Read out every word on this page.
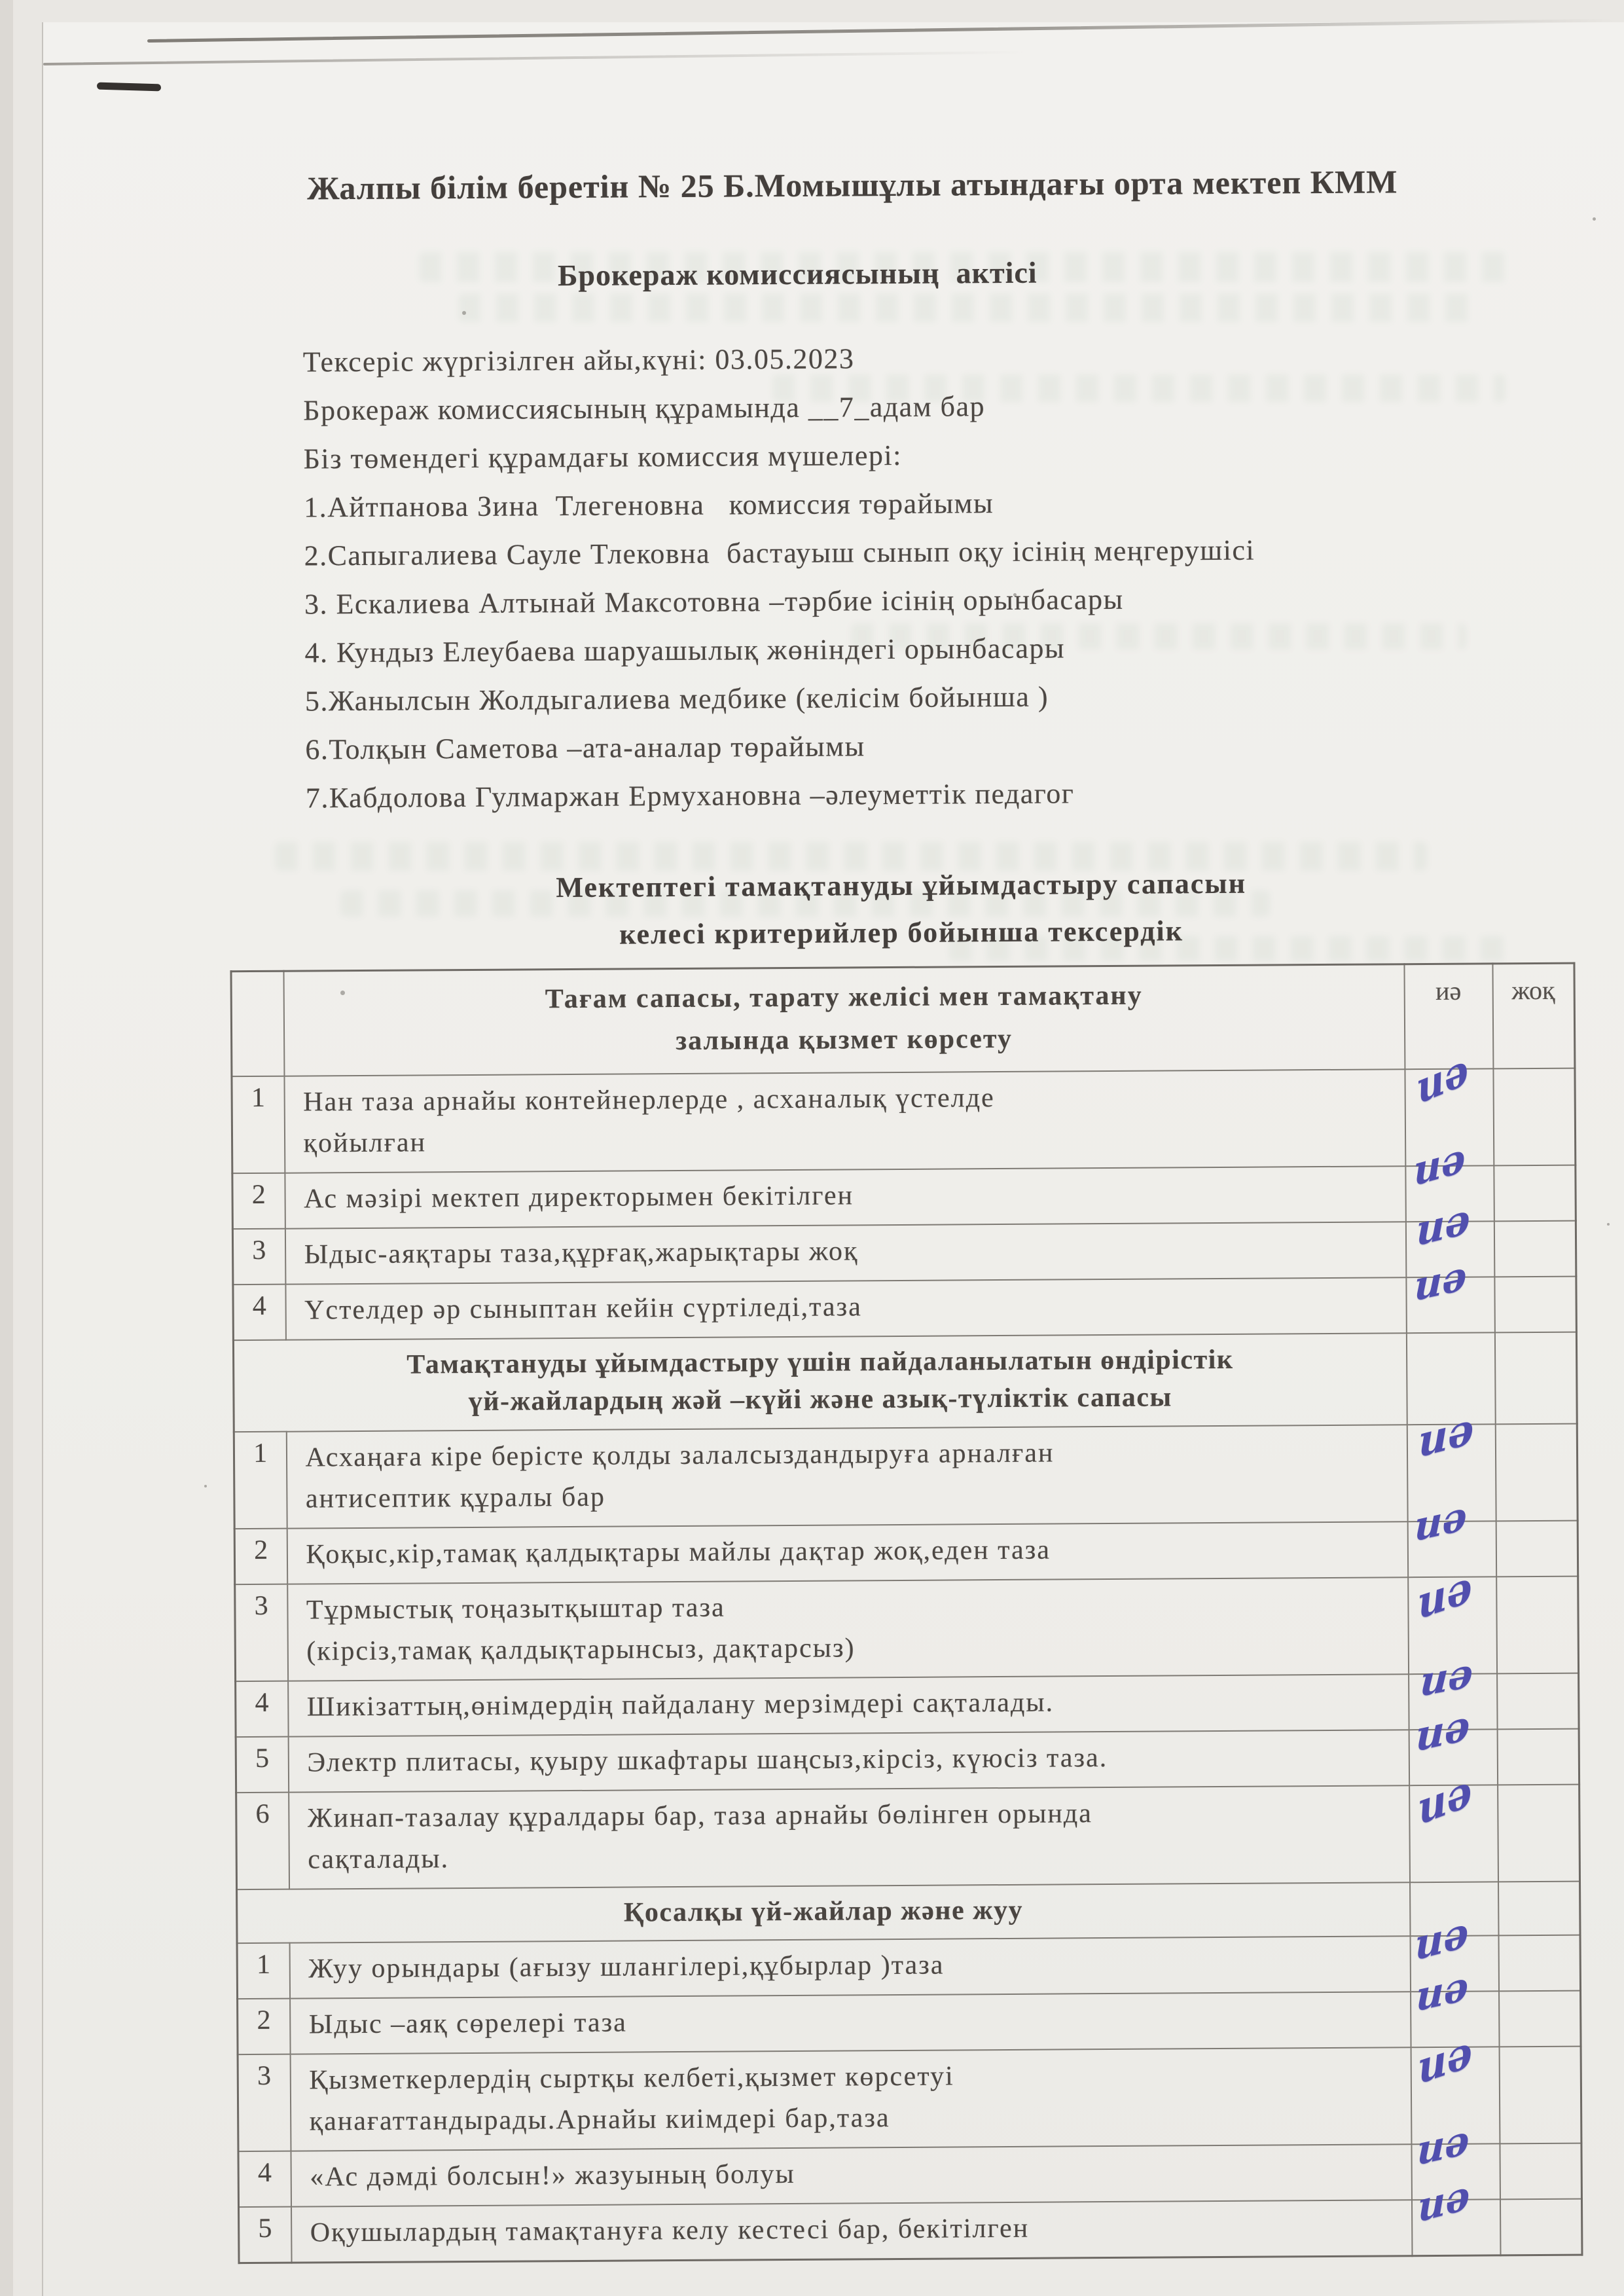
Жалпы білім беретін № 25 Б.Момышұлы атындағы орта мектеп КММ
Брокераж комиссиясының  актісі
Тексеріс жүргізілген айы,күні: 03.05.2023
Брокераж комиссиясының құрамында __7_адам бар
Біз төмендегі құрамдағы комиссия мүшелері:
1.Айтпанова Зина  Тлегеновна   комиссия төрайымы
2.Сапыгалиева Сауле Тлековна  бастауыш сынып оқу ісінің меңгерушісі
3. Ескалиева Алтынай Максотовна –тәрбие ісінің орынбасары
4. Кундыз Елеубаева шаруашылық жөніндегі орынбасары
5.Жанылсын Жолдыгалиева медбике (келісім бойынша )
6.Толқын Саметова –ата-аналар төрайымы
7.Кабдолова Гулмаржан Ермухановна –әлеуметтік педагог
Мектептегі тамақтануды ұйымдастыру сапасын
келесі критерийлер бойынша тексердік
	Тағам сапасы, тарату желісі мен тамақтану
залында қызмет көрсету	иә	жоқ
1	Нан таза арнайы контейнерлерде , асханалық үстелде
қойылған	иә	

2	Ас мәзірі мектеп директорымен бекітілген	иә	

3	Ыдыс-аяқтары таза,құрғақ,жарықтары жоқ	иә	

4	Үстелдер әр сыныптан кейін сүртіледі,таза	иә	

Тамақтануды ұйымдастыру үшін пайдаланылатын өндірістік
үй-жайлардың жәй –күйі және азық-түліктік сапасы			
1	Асхаңаға кіре берісте қолды залалсыздандыруға арналған
антисептик құралы бар	иә	

2	Қоқыс,кір,тамақ қалдықтары майлы дақтар жоқ,еден таза	иә	

3	Тұрмыстық тоңазытқыштар таза
(кірсіз,тамақ қалдықтарынсыз, дақтарсыз)	иә	

4	Шикізаттың,өнімдердің пайдалану мерзімдері сақталады.	иә	

5	Электр плитасы, қуыру шкафтары шаңсыз,кірсіз, күюсіз таза.	иә	

6	Жинап-тазалау құралдары бар, таза арнайы бөлінген орында
сақталады.	иә	

Қосалқы үй-жайлар және жуу			
1	Жуу орындары (ағызу шлангілері,құбырлар )таза	иә	

2	Ыдыс –аяқ сөрелері таза	иә	

3	Қызметкерлердің сыртқы келбеті,қызмет көрсетуі
қанағаттандырады.Арнайы киімдері бар,таза	иә	

4	«Ас дәмді болсын!» жазуының болуы	иә	

5	Оқушылардың тамақтануға келу кестесі бар, бекітілген	иә	
